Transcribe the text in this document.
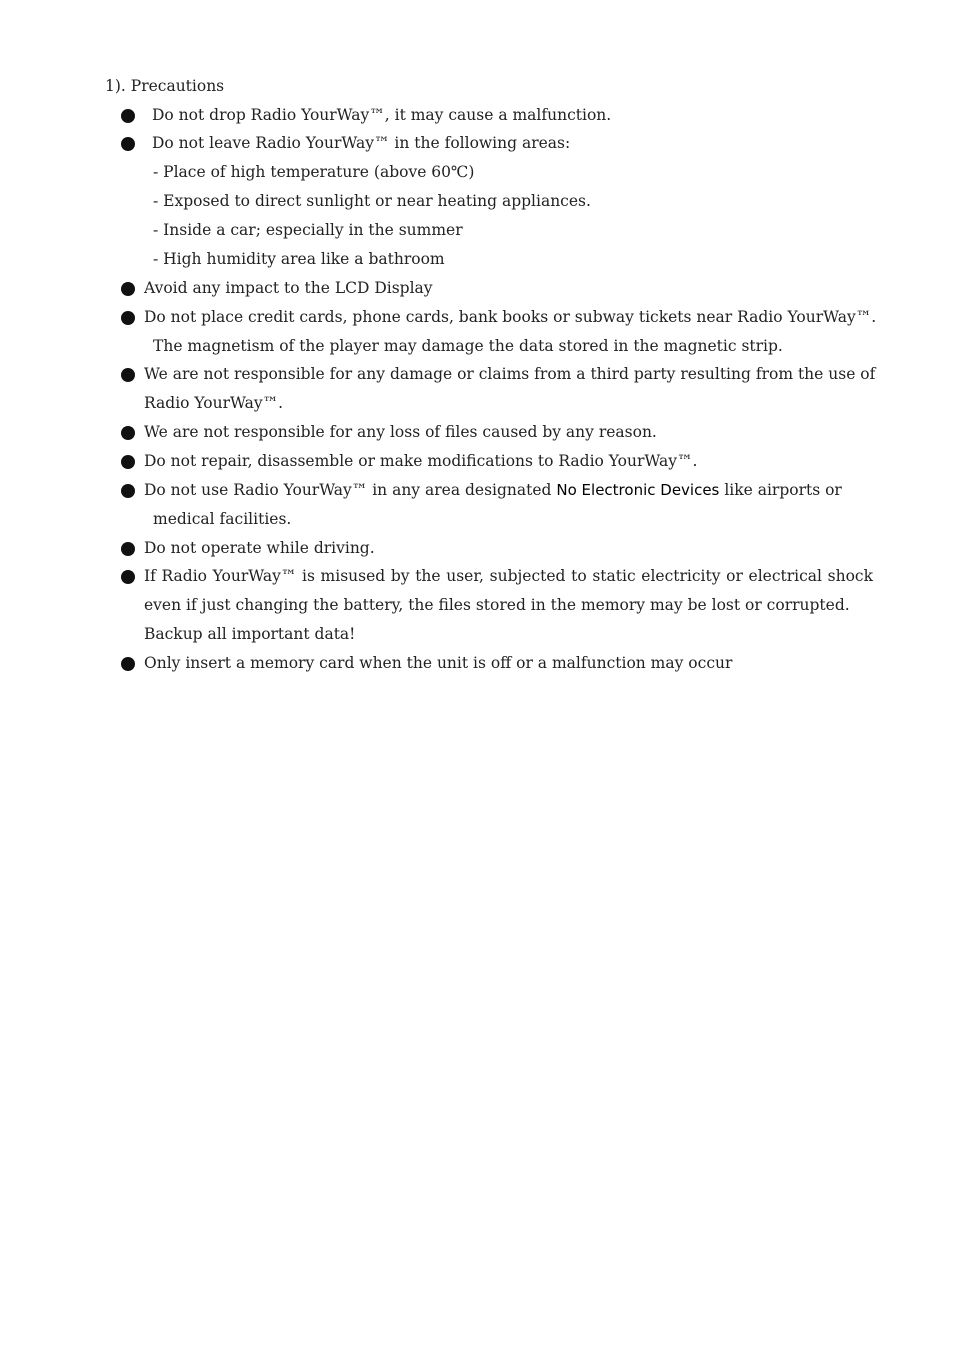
1). Precautions
Do not drop Radio YourWay™, it may cause a malfunction.
Do not leave Radio YourWay™ in the following areas:
- Place of high temperature (above 60℃)
- Exposed to direct sunlight or near heating appliances.
- Inside a car; especially in the summer
- High humidity area like a bathroom
Avoid any impact to the LCD Display
Do not place credit cards, phone cards, bank books or subway tickets near Radio YourWay™.
The magnetism of the player may damage the data stored in the magnetic strip.
We are not responsible for any damage or claims from a third party resulting from the use of
Radio YourWay™.
We are not responsible for any loss of files caused by any reason.
Do not repair, disassemble or make modifications to Radio YourWay™.
Do not use Radio YourWay™ in any area designated No Electronic Devices like airports or
medical facilities.
Do not operate while driving.
If Radio YourWay™ is misused by the user, subjected to static electricity or electrical shock
even if just changing the battery, the files stored in the memory may be lost or corrupted.
Backup all important data!
Only insert a memory card when the unit is off or a malfunction may occur
